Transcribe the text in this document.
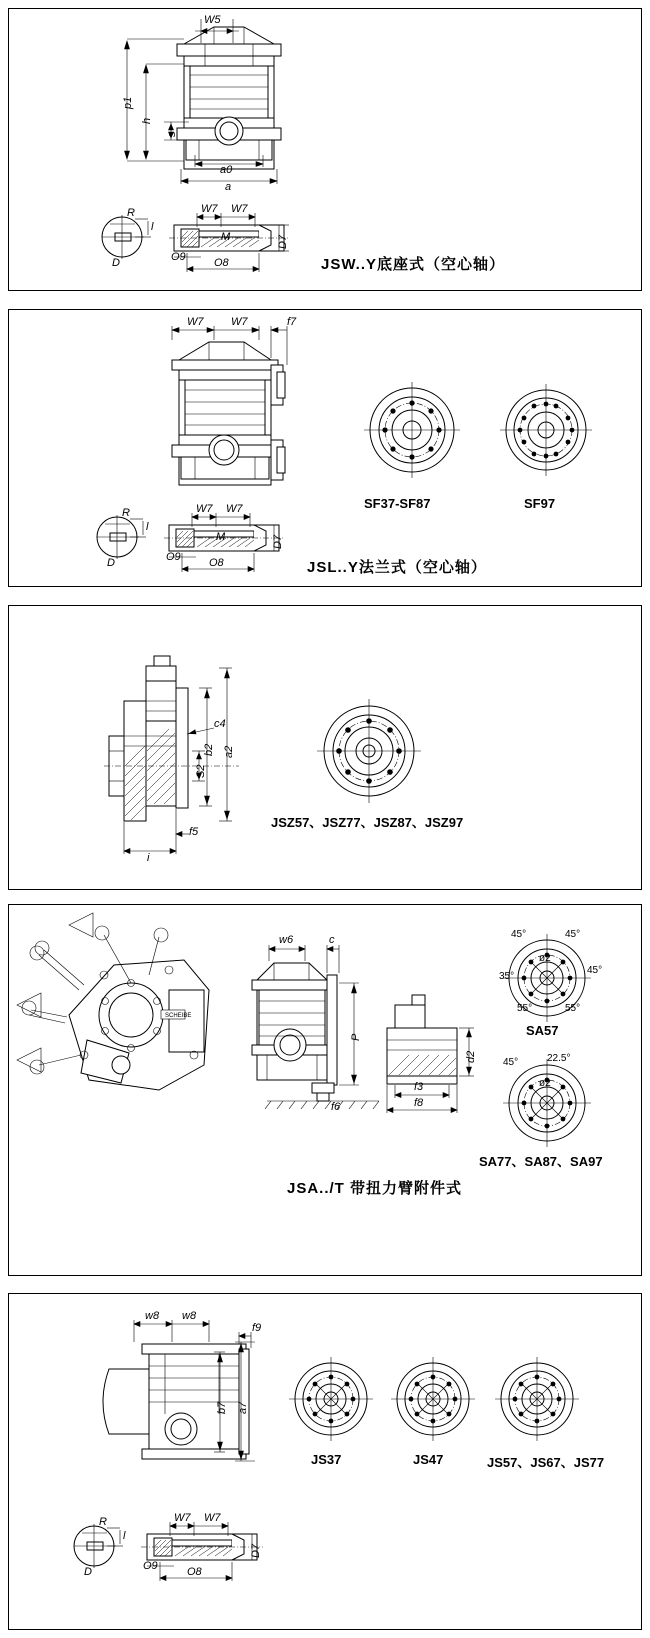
W5
p1
h
s
a0
a
R
D
l
W7 W7
M	D7
O9	O8	JSW..Y底座式（空心轴）
W7	W7	f7
R
D
l
W7 W7
M	D7
O9	O8
SF37-SF87	SF97
JSL..Y法兰式（空心轴）
b2 a2
c4
S2
i
f5
JSZ57、JSZ77、JSZ87、JSZ97
SCHEIBE
w6	c
P
d2
f3
f8
f6
45°	45°
45°
35°
55°	55°
22.5°
45°
ø2
ø2
SA57
SA77、SA87、SA97
JSA../T 带扭力臂附件式
w8 w8
f9
b7 a7
R
D
l
W7 W7
D7
O9	O8
JS37	JS47	JS57、JS67、JS77
